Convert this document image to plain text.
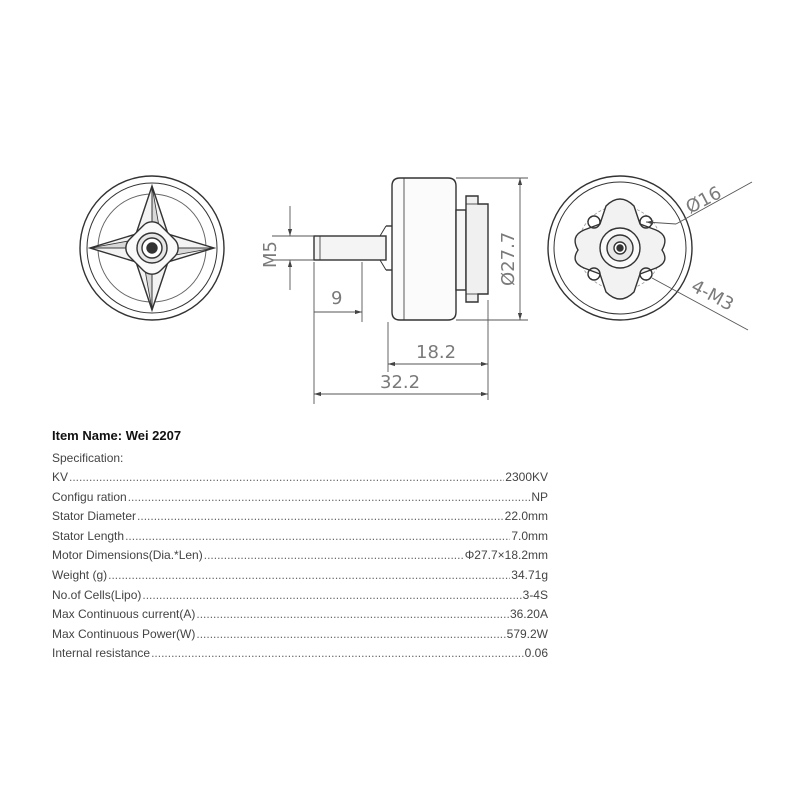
M5
9
18.2
32.2
Ø27.7
Ø16
4-M3
Item Name: Wei 2207
Specification:
KV .....	2300KV
Configu ration .....	NP
Stator Diameter .....	22.0mm
Stator Length .....	7.0mm
Motor Dimensions(Dia.*Len) .....	Φ27.7×18.2mm
Weight (g) .....	34.71g
No.of Cells(Lipo) .....	3-4S
Max Continuous current(A) .....	36.20A
Max Continuous Power(W) .....	579.2W
Internal resistance .....	0.06
